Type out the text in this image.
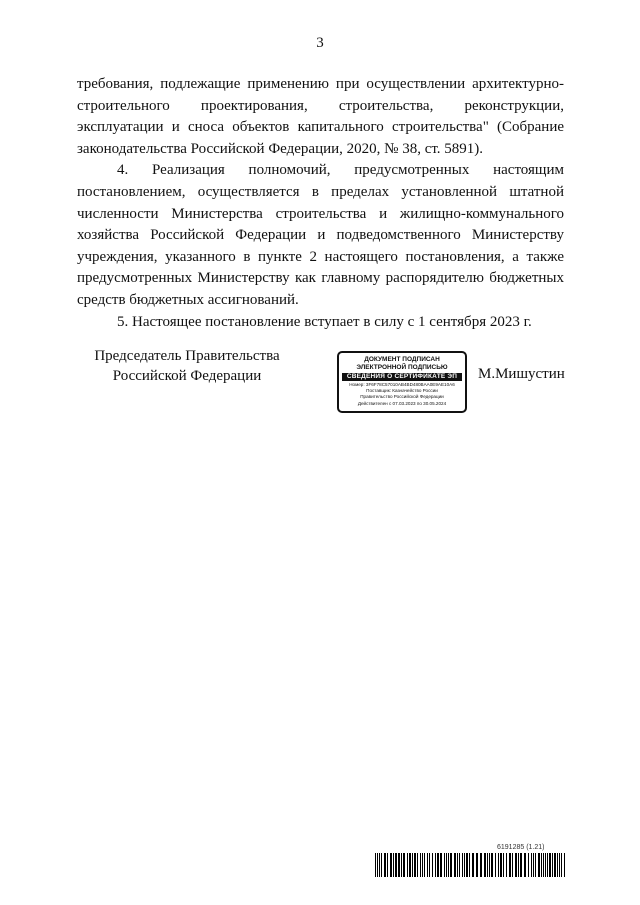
3

требования, подлежащие применению при осуществлении архитектурно-строительного проектирования, строительства, реконструкции, эксплуатации и сноса объектов капитального строительства" (Собрание законодательства Российской Федерации, 2020, № 38, ст. 5891).

4. Реализация полномочий, предусмотренных настоящим постановлением, осуществляется в пределах установленной штатной численности Министерства строительства и жилищно-коммунального хозяйства Российской Федерации и подведомственного Министерству учреждения, указанного в пункте 2 настоящего постановления, а также предусмотренных Министерству как главному распорядителю бюджетных средств бюджетных ассигнований.

5. Настоящее постановление вступает в силу с 1 сентября 2023 г.

Председатель Правительства
Российской Федерации
ДОКУМЕНТ ПОДПИСАН
ЭЛЕКТРОННОЙ ПОДПИСЬЮ
СВЕДЕНИЯ О СЕРТИФИКАТЕ ЭП
Номер: 3F6F78C57010AB4BD480BAA0E9AE10A6
Поставщик: Казначейство России
Правительство Российской Федерации
Действителен с 07.03.2023 по 30.05.2024
М.Мишустин
6191285 (1.21)
